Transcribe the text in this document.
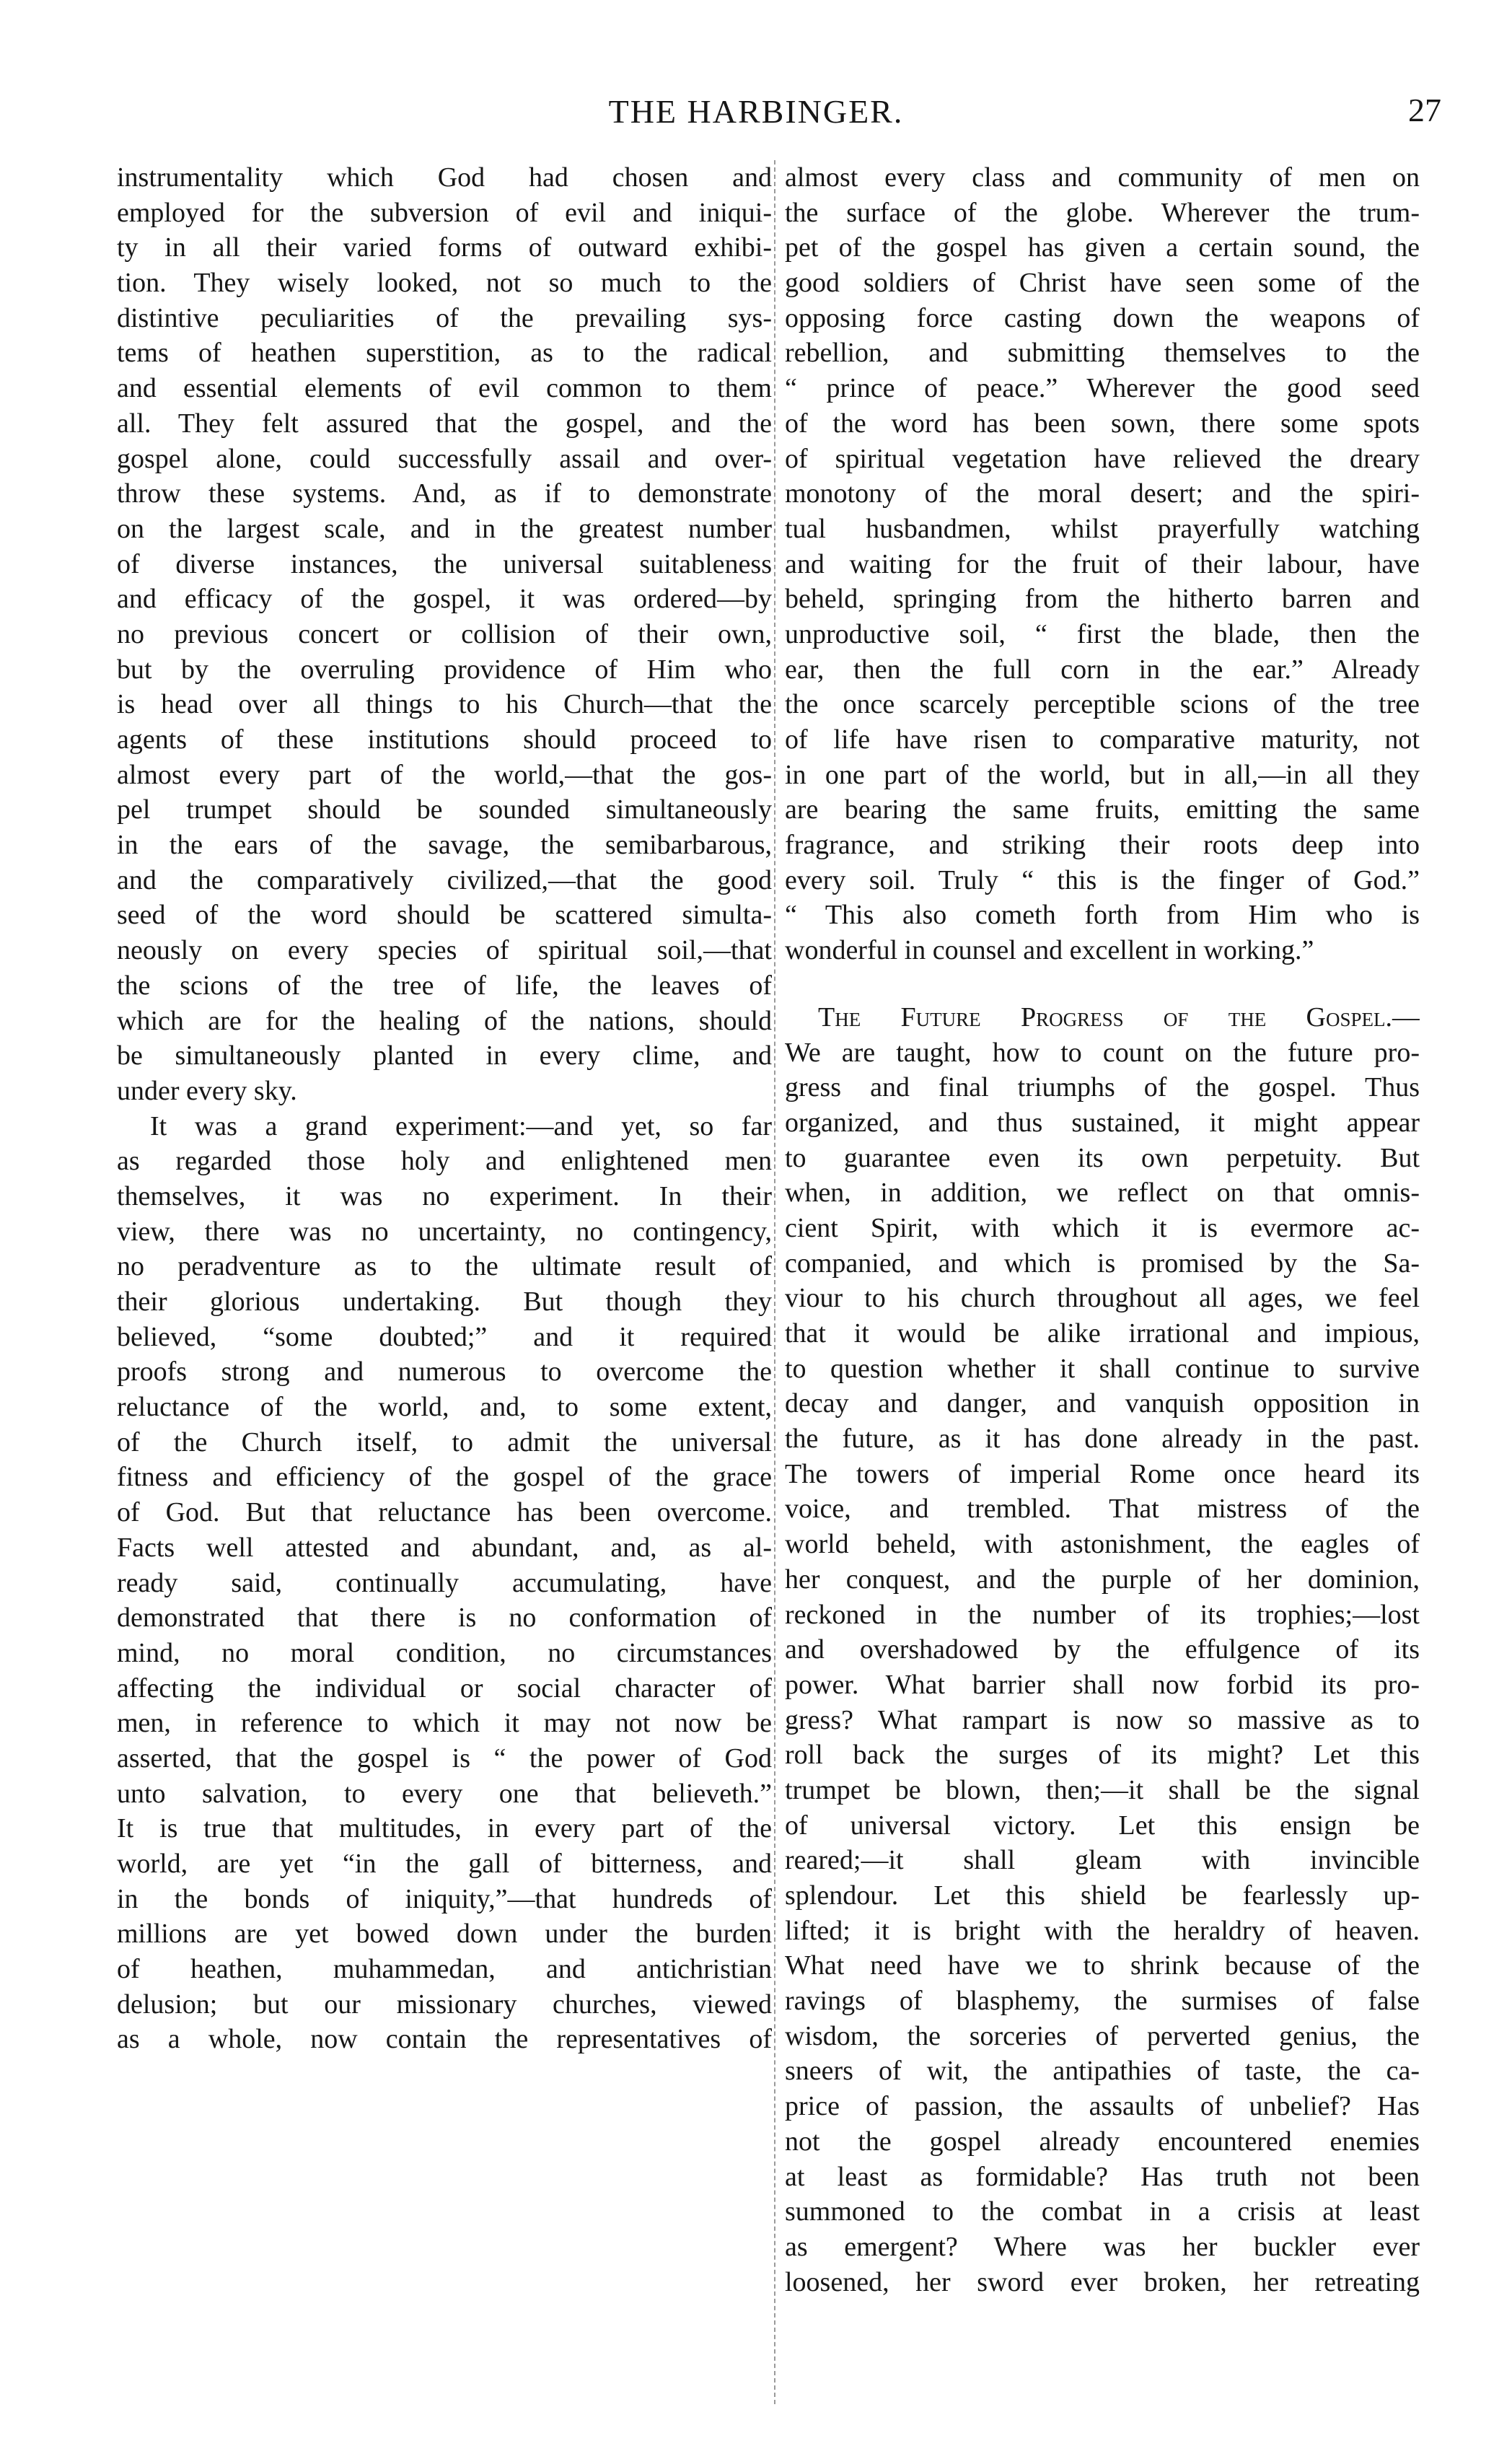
THE HARBINGER.	27
instrumentality which God had chosen and
employed for the subversion of evil and iniqui-
ty in all their varied forms of outward exhibi-
tion. They wisely looked, not so much to the
distintive peculiarities of the prevailing sys-
tems of heathen superstition, as to the radical
and essential elements of evil common to them
all. They felt assured that the gospel, and the
gospel alone, could successfully assail and over-
throw these systems. And, as if to demonstrate
on the largest scale, and in the greatest number
of diverse instances, the universal suitableness
and efficacy of the gospel, it was ordered—by
no previous concert or collision of their own,
but by the overruling providence of Him who
is head over all things to his Church—that the
agents of these institutions should proceed to
almost every part of the world,—that the gos-
pel trumpet should be sounded simultaneously
in the ears of the savage, the semibarbarous,
and the comparatively civilized,—that the good
seed of the word should be scattered simulta-
neously on every species of spiritual soil,—that
the scions of the tree of life, the leaves of
which are for the healing of the nations, should
be simultaneously planted in every clime, and
under every sky.
It was a grand experiment:—and yet, so far
as regarded those holy and enlightened men
themselves, it was no experiment. In their
view, there was no uncertainty, no contingency,
no peradventure as to the ultimate result of
their glorious undertaking. But though they
believed, “some doubted;” and it required
proofs strong and numerous to overcome the
reluctance of the world, and, to some extent,
of the Church itself, to admit the universal
fitness and efficiency of the gospel of the grace
of God. But that reluctance has been overcome.
Facts well attested and abundant, and, as al-
ready said, continually accumulating, have
demonstrated that there is no conformation of
mind, no moral condition, no circumstances
affecting the individual or social character of
men, in reference to which it may not now be
asserted, that the gospel is “ the power of God
unto salvation, to every one that believeth.”
It is true that multitudes, in every part of the
world, are yet “in the gall of bitterness, and
in the bonds of iniquity,”—that hundreds of
millions are yet bowed down under the burden
of heathen, muhammedan, and antichristian
delusion; but our missionary churches, viewed
as a whole, now contain the representatives of
almost every class and community of men on
the surface of the globe. Wherever the trum-
pet of the gospel has given a certain sound, the
good soldiers of Christ have seen some of the
opposing force casting down the weapons of
rebellion, and submitting themselves to the
“ prince of peace.” Wherever the good seed
of the word has been sown, there some spots
of spiritual vegetation have relieved the dreary
monotony of the moral desert; and the spiri-
tual husbandmen, whilst prayerfully watching
and waiting for the fruit of their labour, have
beheld, springing from the hitherto barren and
unproductive soil, “ first the blade, then the
ear, then the full corn in the ear.” Already
the once scarcely perceptible scions of the tree
of life have risen to comparative maturity, not
in one part of the world, but in all,—in all they
are bearing the same fruits, emitting the same
fragrance, and striking their roots deep into
every soil. Truly “ this is the finger of God.”
“ This also cometh forth from Him who is
wonderful in counsel and excellent in working.”
The Future Progress of the Gospel.—
We are taught, how to count on the future pro-
gress and final triumphs of the gospel. Thus
organized, and thus sustained, it might appear
to guarantee even its own perpetuity. But
when, in addition, we reflect on that omnis-
cient Spirit, with which it is evermore ac-
companied, and which is promised by the Sa-
viour to his church throughout all ages, we feel
that it would be alike irrational and impious,
to question whether it shall continue to survive
decay and danger, and vanquish opposition in
the future, as it has done already in the past.
The towers of imperial Rome once heard its
voice, and trembled. That mistress of the
world beheld, with astonishment, the eagles of
her conquest, and the purple of her dominion,
reckoned in the number of its trophies;—lost
and overshadowed by the effulgence of its
power. What barrier shall now forbid its pro-
gress? What rampart is now so massive as to
roll back the surges of its might? Let this
trumpet be blown, then;—it shall be the signal
of universal victory. Let this ensign be
reared;—it shall gleam with invincible
splendour. Let this shield be fearlessly up-
lifted; it is bright with the heraldry of heaven.
What need have we to shrink because of the
ravings of blasphemy, the surmises of false
wisdom, the sorceries of perverted genius, the
sneers of wit, the antipathies of taste, the ca-
price of passion, the assaults of unbelief? Has
not the gospel already encountered enemies
at least as formidable? Has truth not been
summoned to the combat in a crisis at least
as emergent? Where was her buckler ever
loosened, her sword ever broken, her retreating
